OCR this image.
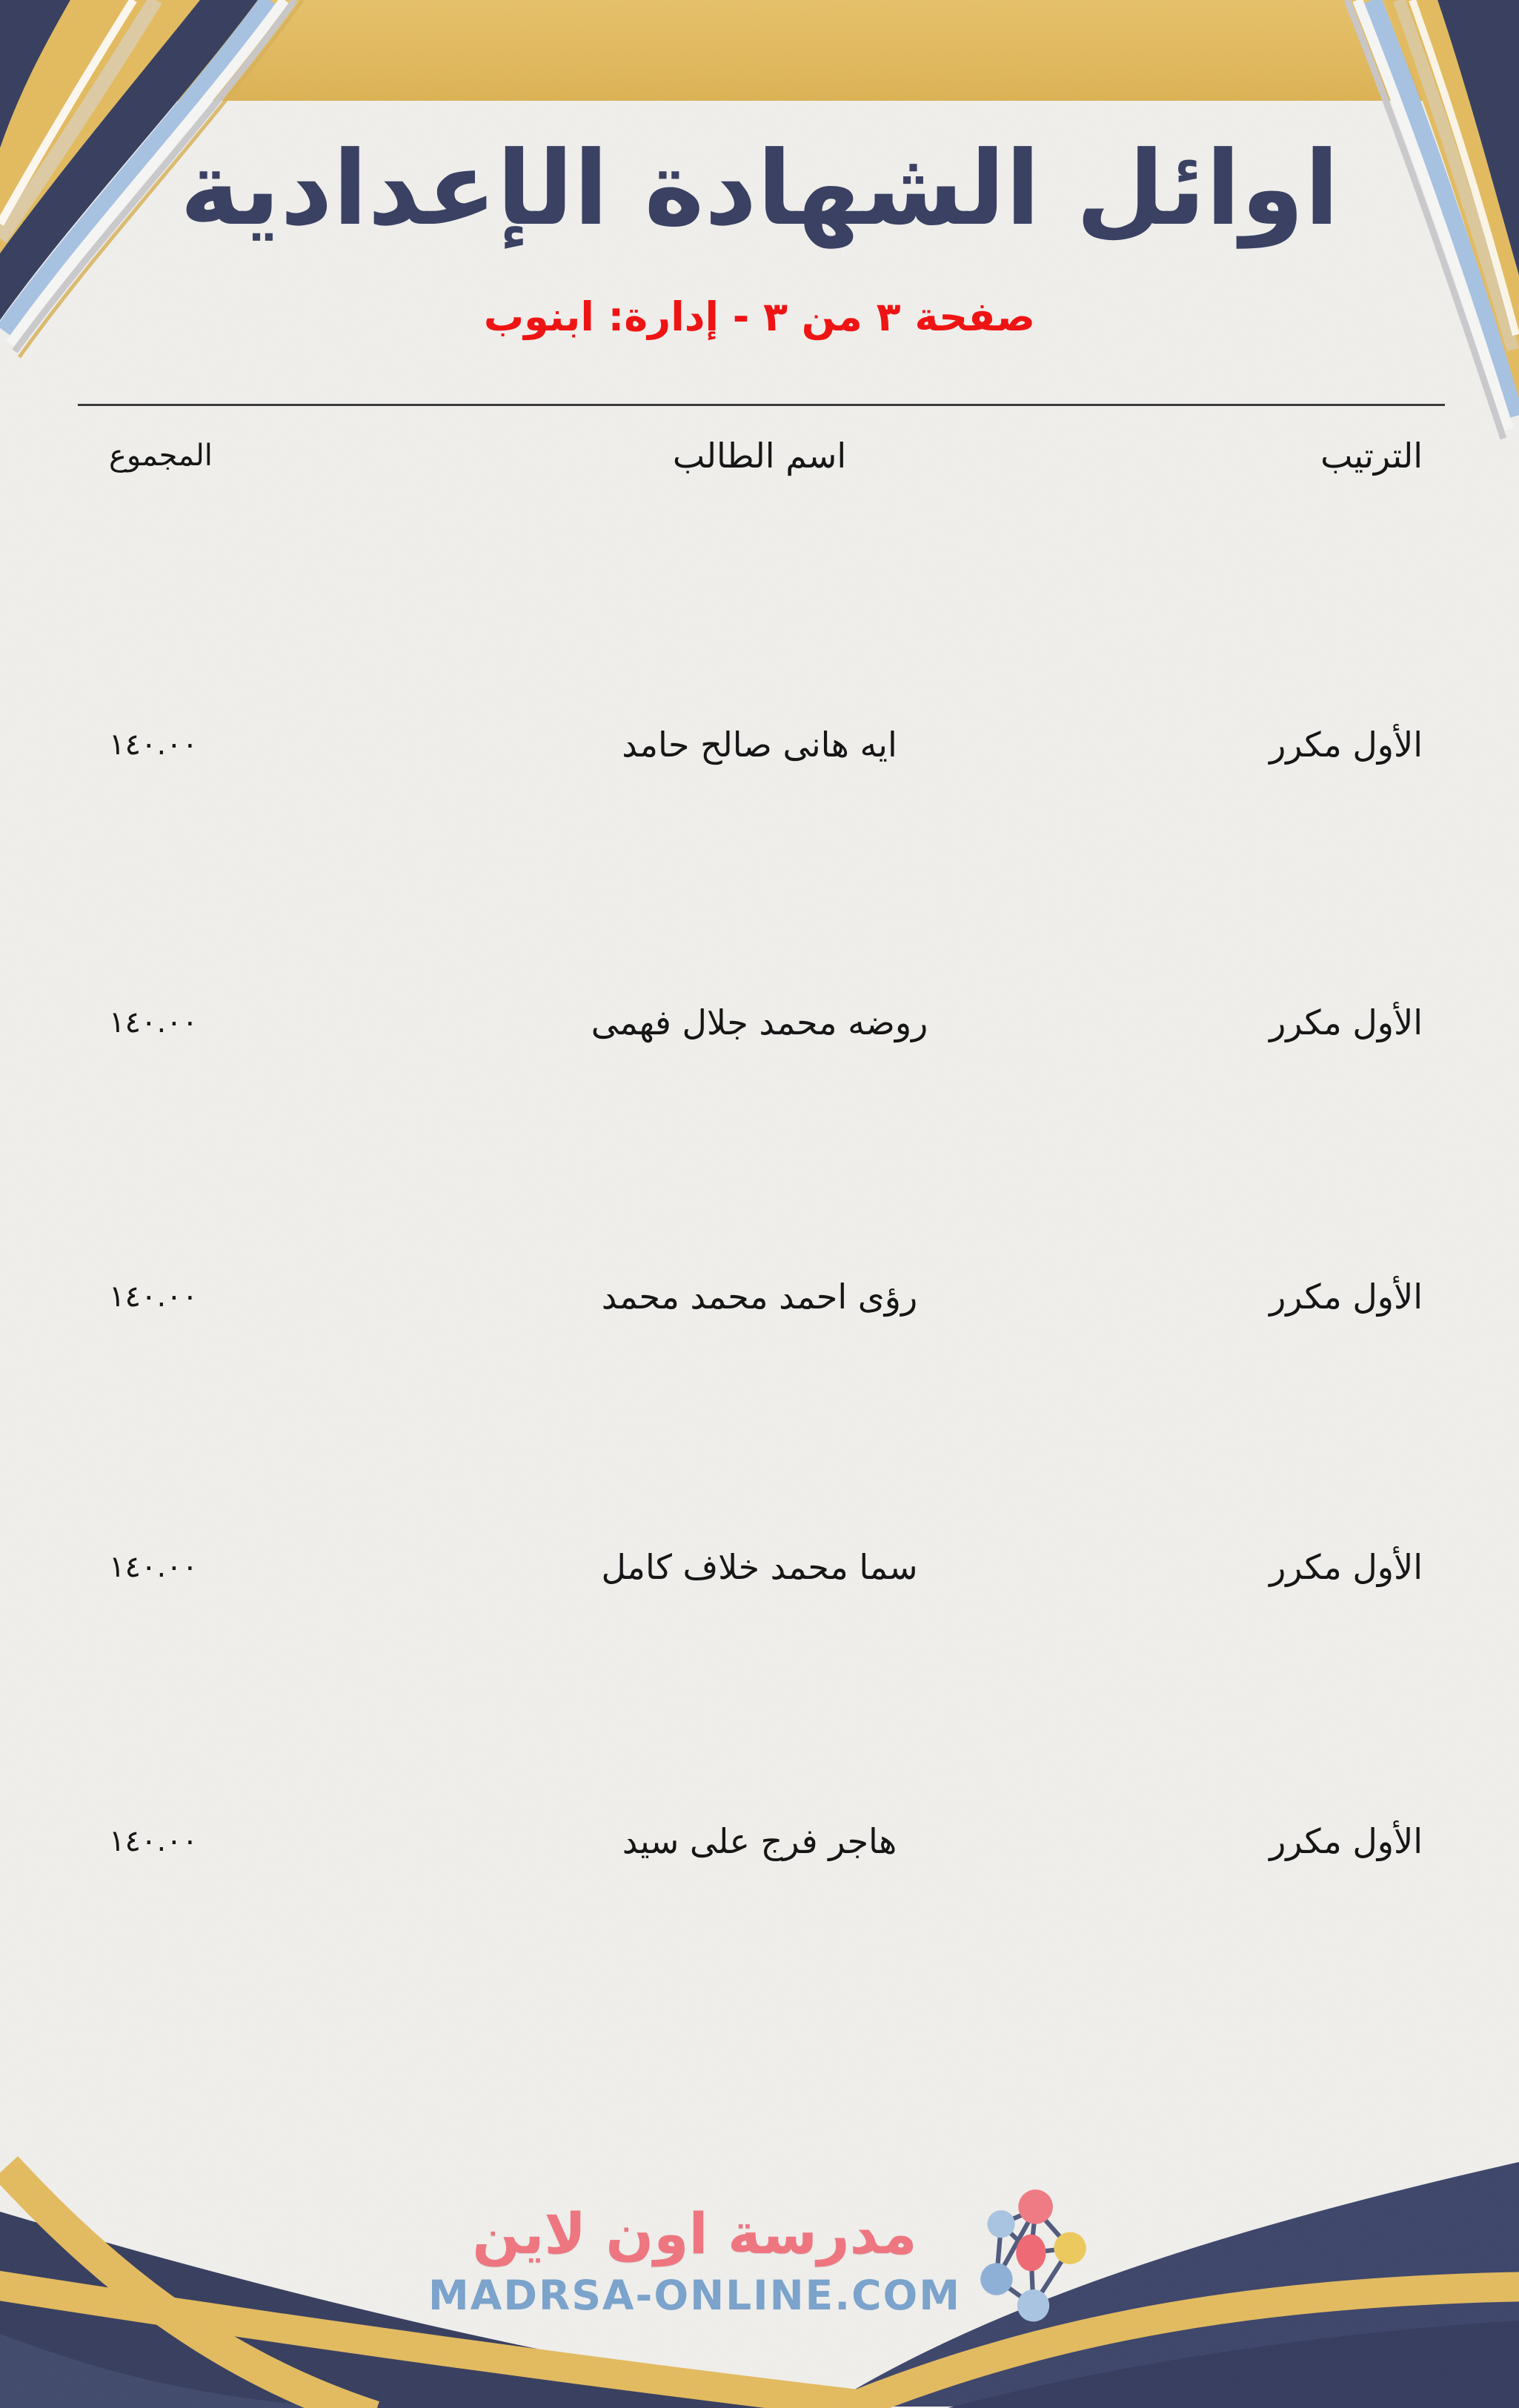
اوائل الشهادة الإعدادية
صفحة ٣ من ٣ - إدارة: ابنوب
الترتيب
اسم الطالب
المجموع
الأول مكرر
ايه هانى صالح حامد
١٤٠.٠٠
الأول مكرر
روضه محمد جلال فهمى
١٤٠.٠٠
الأول مكرر
رؤى احمد محمد محمد
١٤٠.٠٠
الأول مكرر
سما محمد خلاف كامل
١٤٠.٠٠
الأول مكرر
هاجر فرج على سيد
١٤٠.٠٠
مدرسة اون لاين
MADRSA-ONLINE.COM
